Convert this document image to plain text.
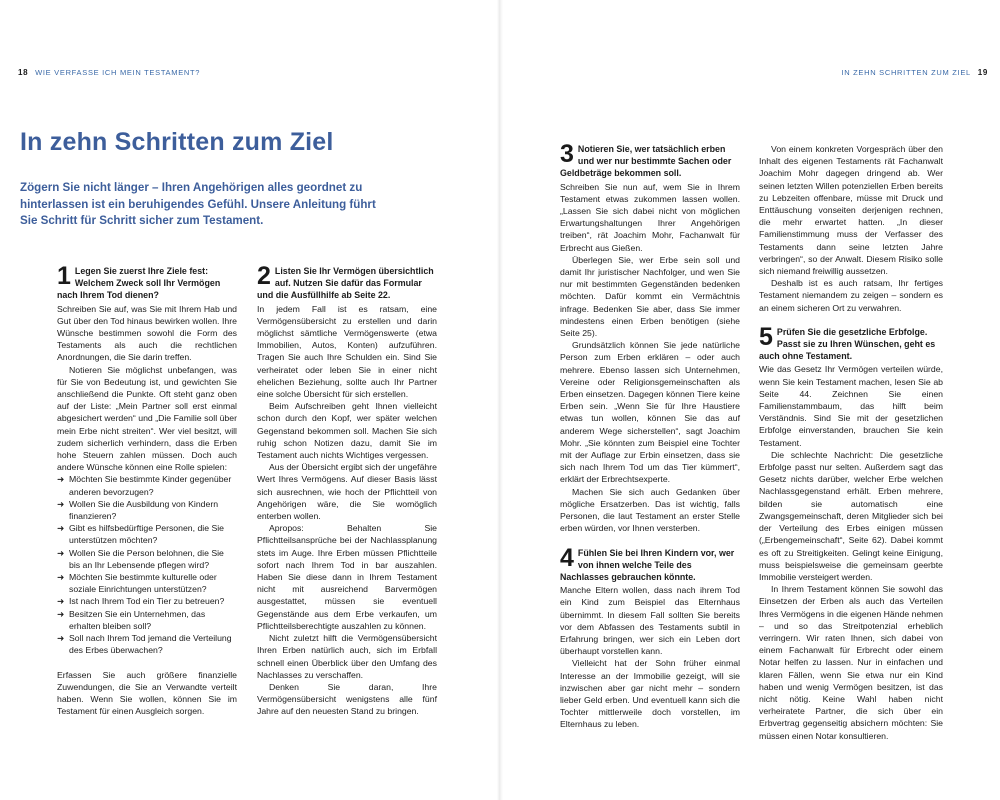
18 WIE VERFASSE ICH MEIN TESTAMENT?	IN ZEHN SCHRITTEN ZUM ZIEL 19
In zehn Schritten zum Ziel

Zögern Sie nicht länger – Ihren Angehörigen alles geordnet zu hinterlassen ist ein beruhigendes Gefühl. Unsere Anleitung führt Sie Schritt für Schritt sicher zum Testament.

1 Legen Sie zuerst Ihre Ziele fest: Welchem Zweck soll Ihr Vermögen nach Ihrem Tod dienen?

Schreiben Sie auf, was Sie mit Ihrem Hab und Gut über den Tod hinaus bewirken wollen. Ihre Wünsche bestimmen sowohl die Form des Testaments als auch die rechtlichen Anordnungen, die Sie darin treffen.

Notieren Sie möglichst unbefangen, was für Sie von Bedeutung ist, und gewichten Sie anschließend die Punkte. Oft steht ganz oben auf der Liste: „Mein Partner soll erst einmal abgesichert werden“ und „Die Familie soll über mein Erbe nicht streiten“. Wer viel besitzt, will zudem sicherlich verhindern, dass die Erben hohe Steuern zahlen müssen. Doch auch andere Wünsche können eine Rolle spielen:

➜ Möchten Sie bestimmte Kinder gegenüber anderen bevorzugen?
➜ Wollen Sie die Ausbildung von Kindern finanzieren?
➜ Gibt es hilfsbedürftige Personen, die Sie unterstützen möchten?
➜ Wollen Sie die Person belohnen, die Sie bis an Ihr Lebensende pflegen wird?
➜ Möchten Sie bestimmte kulturelle oder soziale Einrichtungen unterstützen?
➜ Ist nach Ihrem Tod ein Tier zu betreuen?
➜ Besitzen Sie ein Unternehmen, das erhalten bleiben soll?
➜ Soll nach Ihrem Tod jemand die Verteilung des Erbes überwachen?

Erfassen Sie auch größere finanzielle Zuwendungen, die Sie an Verwandte verteilt haben. Wenn Sie wollen, können Sie im Testament für einen Ausgleich sorgen.

2 Listen Sie Ihr Vermögen übersichtlich auf. Nutzen Sie dafür das Formular und die Ausfüllhilfe ab Seite 22.

In jedem Fall ist es ratsam, eine Vermögensübersicht zu erstellen und darin möglichst sämtliche Vermögenswerte (etwa Immobilien, Autos, Konten) aufzuführen. Tragen Sie auch Ihre Schulden ein. Sind Sie verheiratet oder leben Sie in einer nicht ehelichen Beziehung, sollte auch Ihr Partner eine solche Übersicht für sich erstellen.

Beim Aufschreiben geht Ihnen vielleicht schon durch den Kopf, wer später welchen Gegenstand bekommen soll. Machen Sie sich ruhig schon Notizen dazu, damit Sie im Testament auch nichts Wichtiges vergessen.

Aus der Übersicht ergibt sich der ungefähre Wert Ihres Vermögens. Auf dieser Basis lässt sich ausrechnen, wie hoch der Pflichtteil von Angehörigen wäre, die Sie womöglich enterben wollen.

Apropos: Behalten Sie Pflichtteilsansprüche bei der Nachlassplanung stets im Auge. Ihre Erben müssen Pflichtteile sofort nach Ihrem Tod in bar auszahlen. Haben Sie diese dann in Ihrem Testament nicht mit ausreichend Barvermögen ausgestattet, müssen sie eventuell Gegenstände aus dem Erbe verkaufen, um Pflichtteilsberechtigte auszahlen zu können.

Nicht zuletzt hilft die Vermögensübersicht Ihren Erben natürlich auch, sich im Erbfall schnell einen Überblick über den Umfang des Nachlasses zu verschaffen.

Denken Sie daran, Ihre Vermögensübersicht wenigstens alle fünf Jahre auf den neuesten Stand zu bringen.

3 Notieren Sie, wer tatsächlich erben und wer nur bestimmte Sachen oder Geldbeträge bekommen soll.

Schreiben Sie nun auf, wem Sie in Ihrem Testament etwas zukommen lassen wollen. „Lassen Sie sich dabei nicht von möglichen Erwartungshaltungen Ihrer Angehörigen treiben“, rät Joachim Mohr, Fachanwalt für Erbrecht aus Gießen.

Überlegen Sie, wer Erbe sein soll und damit Ihr juristischer Nachfolger, und wen Sie nur mit bestimmten Gegenständen bedenken möchten. Dafür kommt ein Vermächtnis infrage. Bedenken Sie aber, dass Sie immer mindestens einen Erben benötigen (siehe Seite 25).

Grundsätzlich können Sie jede natürliche Person zum Erben erklären – oder auch mehrere. Ebenso lassen sich Unternehmen, Vereine oder Religionsgemeinschaften als Erben einsetzen. Dagegen können Tiere keine Erben sein. „Wenn Sie für Ihre Haustiere etwas tun wollen, können Sie das auf anderem Wege sicherstellen“, sagt Joachim Mohr. „Sie könnten zum Beispiel eine Tochter mit der Auflage zur Erbin einsetzen, dass sie sich nach Ihrem Tod um das Tier kümmert“, erklärt der Erbrechtsexperte.

Machen Sie sich auch Gedanken über mögliche Ersatzerben. Das ist wichtig, falls Personen, die laut Testament an erster Stelle erben würden, vor Ihnen versterben.

4 Fühlen Sie bei Ihren Kindern vor, wer von ihnen welche Teile des Nachlasses gebrauchen könnte.

Manche Eltern wollen, dass nach ihrem Tod ein Kind zum Beispiel das Elternhaus übernimmt. In diesem Fall sollten Sie bereits vor dem Abfassen des Testaments subtil in Erfahrung bringen, wer sich ein Leben dort überhaupt vorstellen kann.

Vielleicht hat der Sohn früher einmal Interesse an der Immobilie gezeigt, will sie inzwischen aber gar nicht mehr – sondern lieber Geld erben. Und eventuell kann sich die Tochter mittlerweile doch vorstellen, im Elternhaus zu leben.

Von einem konkreten Vorgespräch über den Inhalt des eigenen Testaments rät Fachanwalt Joachim Mohr dagegen dringend ab. Wer seinen letzten Willen potenziellen Erben bereits zu Lebzeiten offenbare, müsse mit Druck und Enttäuschung vonseiten derjenigen rechnen, die mehr erwartet hatten. „In dieser Familienstimmung muss der Verfasser des Testaments dann seine letzten Jahre verbringen“, so der Anwalt. Diesem Risiko solle sich niemand freiwillig aussetzen.

Deshalb ist es auch ratsam, Ihr fertiges Testament niemandem zu zeigen – sondern es an einem sicheren Ort zu verwahren.

5 Prüfen Sie die gesetzliche Erbfolge. Passt sie zu Ihren Wünschen, geht es auch ohne Testament.

Wie das Gesetz Ihr Vermögen verteilen würde, wenn Sie kein Testament machen, lesen Sie ab Seite 44. Zeichnen Sie einen Familienstammbaum, das hilft beim Verständnis. Sind Sie mit der gesetzlichen Erbfolge einverstanden, brauchen Sie kein Testament.

Die schlechte Nachricht: Die gesetzliche Erbfolge passt nur selten. Außerdem sagt das Gesetz nichts darüber, welcher Erbe welchen Nachlassgegenstand erhält. Erben mehrere, bilden sie automatisch eine Zwangsgemeinschaft, deren Mitglieder sich bei der Verteilung des Erbes einigen müssen („Erbengemeinschaft“, Seite 62). Dabei kommt es oft zu Streitigkeiten. Gelingt keine Einigung, muss beispielsweise die gemeinsam geerbte Immobilie versteigert werden.

In Ihrem Testament können Sie sowohl das Einsetzen der Erben als auch das Verteilen Ihres Vermögens in die eigenen Hände nehmen – und so das Streitpotenzial erheblich verringern. Wir raten Ihnen, sich dabei von einem Fachanwalt für Erbrecht oder einem Notar helfen zu lassen. Nur in einfachen und klaren Fällen, wenn Sie etwa nur ein Kind haben und wenig Vermögen besitzen, ist das nicht nötig. Keine Wahl haben nicht verheiratete Partner, die sich über ein Erbvertrag gegenseitig absichern möchten: Sie müssen einen Notar konsultieren.
